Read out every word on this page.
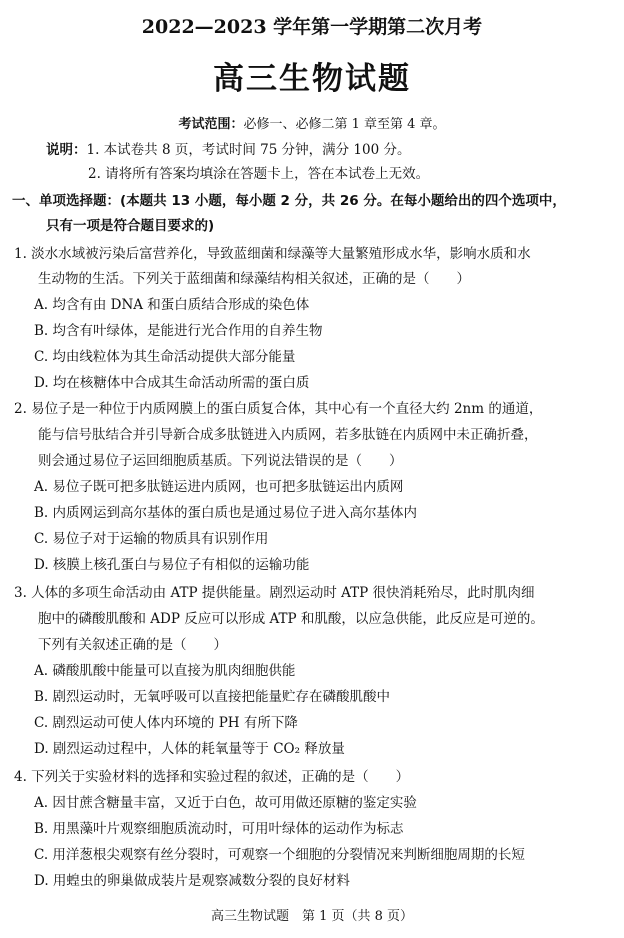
2022—2023 学年第一学期第二次月考
高三生物试题
考试范围：必修一、必修二第 1 章至第 4 章。
说明：1. 本试卷共 8 页，考试时间 75 分钟，满分 100 分。
2. 请将所有答案均填涂在答题卡上，答在本试卷上无效。
一、单项选择题：(本题共 13 小题，每小题 2 分，共 26 分。在每小题给出的四个选项中，
只有一项是符合题目要求的)
1. 淡水水域被污染后富营养化，导致蓝细菌和绿藻等大量繁殖形成水华，影响水质和水
生动物的生活。下列关于蓝细菌和绿藻结构相关叙述，正确的是（　　）
A. 均含有由 DNA 和蛋白质结合形成的染色体
B. 均含有叶绿体，是能进行光合作用的自养生物
C. 均由线粒体为其生命活动提供大部分能量
D. 均在核糖体中合成其生命活动所需的蛋白质
2. 易位子是一种位于内质网膜上的蛋白质复合体，其中心有一个直径大约 2nm 的通道，
能与信号肽结合并引导新合成多肽链进入内质网，若多肽链在内质网中未正确折叠，
则会通过易位子运回细胞质基质。下列说法错误的是（　　）
A. 易位子既可把多肽链运进内质网，也可把多肽链运出内质网
B. 内质网运到高尔基体的蛋白质也是通过易位子进入高尔基体内
C. 易位子对于运输的物质具有识别作用
D. 核膜上核孔蛋白与易位子有相似的运输功能
3. 人体的多项生命活动由 ATP 提供能量。剧烈运动时 ATP 很快消耗殆尽，此时肌肉细
胞中的磷酸肌酸和 ADP 反应可以形成 ATP 和肌酸，以应急供能，此反应是可逆的。
下列有关叙述正确的是（　　）
A. 磷酸肌酸中能量可以直接为肌肉细胞供能
B. 剧烈运动时，无氧呼吸可以直接把能量贮存在磷酸肌酸中
C. 剧烈运动可使人体内环境的 PH 有所下降
D. 剧烈运动过程中，人体的耗氧量等于 CO₂ 释放量
4. 下列关于实验材料的选择和实验过程的叙述，正确的是（　　）
A. 因甘蔗含糖量丰富，又近于白色，故可用做还原糖的鉴定实验
B. 用黑藻叶片观察细胞质流动时，可用叶绿体的运动作为标志
C. 用洋葱根尖观察有丝分裂时，可观察一个细胞的分裂情况来判断细胞周期的长短
D. 用蝗虫的卵巢做成装片是观察减数分裂的良好材料
高三生物试题　第 1 页（共 8 页）
